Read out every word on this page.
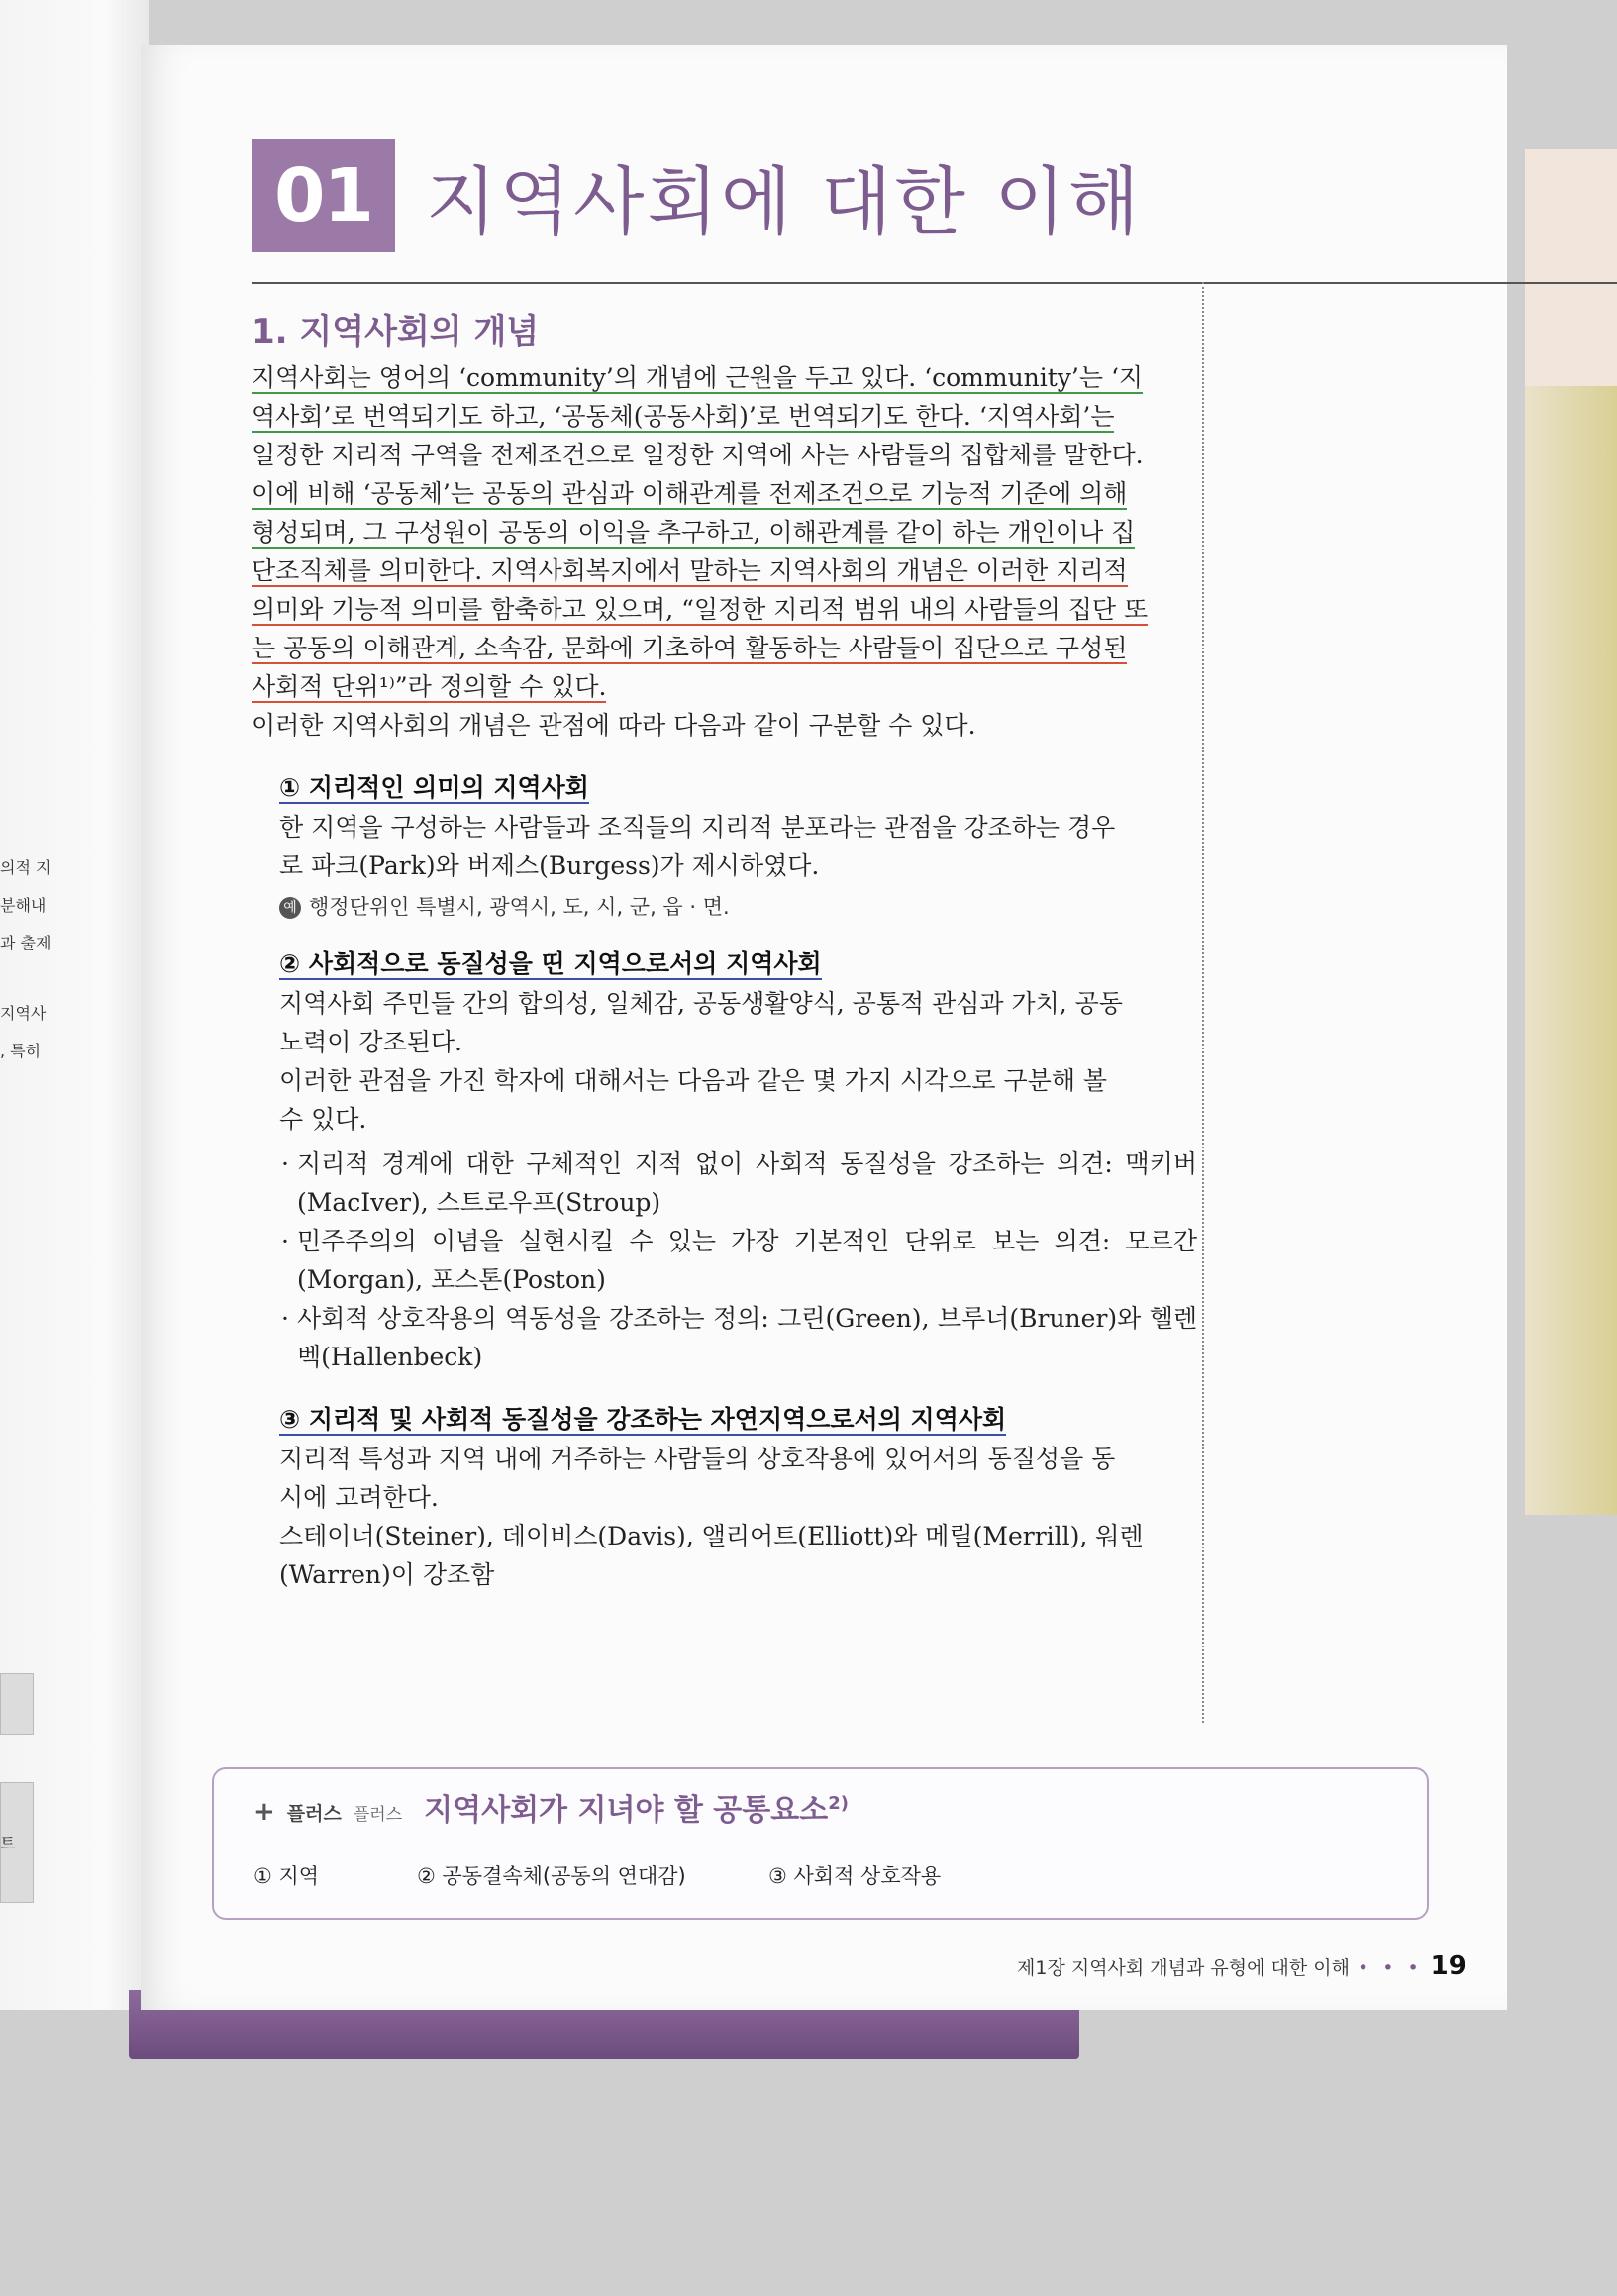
의적 지
분해내
과 출제
지역사
, 특히
트
01 지역사회에 대한 이해
1. 지역사회의 개념

지역사회는 영어의 ‘community’의 개념에 근원을 두고 있다. ‘community’는 ‘지
역사회’로 번역되기도 하고, ‘공동체(공동사회)’로 번역되기도 한다. ‘지역사회’는
일정한 지리적 구역을 전제조건으로 일정한 지역에 사는 사람들의 집합체를 말한다.
이에 비해 ‘공동체’는 공동의 관심과 이해관계를 전제조건으로 기능적 기준에 의해
형성되며, 그 구성원이 공동의 이익을 추구하고, 이해관계를 같이 하는 개인이나 집
단조직체를 의미한다. 지역사회복지에서 말하는 지역사회의 개념은 이러한 지리적
의미와 기능적 의미를 함축하고 있으며, “일정한 지리적 범위 내의 사람들의 집단 또
는 공동의 이해관계, 소속감, 문화에 기초하여 활동하는 사람들이 집단으로 구성된
사회적 단위¹⁾”라 정의할 수 있다.
이러한 지역사회의 개념은 관점에 따라 다음과 같이 구분할 수 있다.

① 지리적인 의미의 지역사회

한 지역을 구성하는 사람들과 조직들의 지리적 분포라는 관점을 강조하는 경우
로 파크(Park)와 버제스(Burgess)가 제시하였다.

예 행정단위인 특별시, 광역시, 도, 시, 군, 읍 · 면.
② 사회적으로 동질성을 띤 지역으로서의 지역사회

지역사회 주민들 간의 합의성, 일체감, 공동생활양식, 공통적 관심과 가치, 공동
노력이 강조된다.
이러한 관점을 가진 학자에 대해서는 다음과 같은 몇 가지 시각으로 구분해 볼
수 있다.

· 지리적 경계에 대한 구체적인 지적 없이 사회적 동질성을 강조하는 의견: 맥키버(MacIver), 스트로우프(Stroup)
· 민주주의의 이념을 실현시킬 수 있는 가장 기본적인 단위로 보는 의견: 모르간(Morgan), 포스톤(Poston)
· 사회적 상호작용의 역동성을 강조하는 정의: 그린(Green), 브루너(Bruner)와 헬렌벡(Hallenbeck)
③ 지리적 및 사회적 동질성을 강조하는 자연지역으로서의 지역사회

지리적 특성과 지역 내에 거주하는 사람들의 상호작용에 있어서의 동질성을 동
시에 고려한다.
스테이너(Steiner), 데이비스(Davis), 앨리어트(Elliott)와 메릴(Merrill), 워렌
(Warren)이 강조함

+ 플러스 플러스 지역사회가 지녀야 할 공통요소$^{2)}$
① 지역	② 공동결속체(공동의 연대감)	③ 사회적 상호작용
제1장 지역사회 개념과 유형에 대한 이해 • • • 19
